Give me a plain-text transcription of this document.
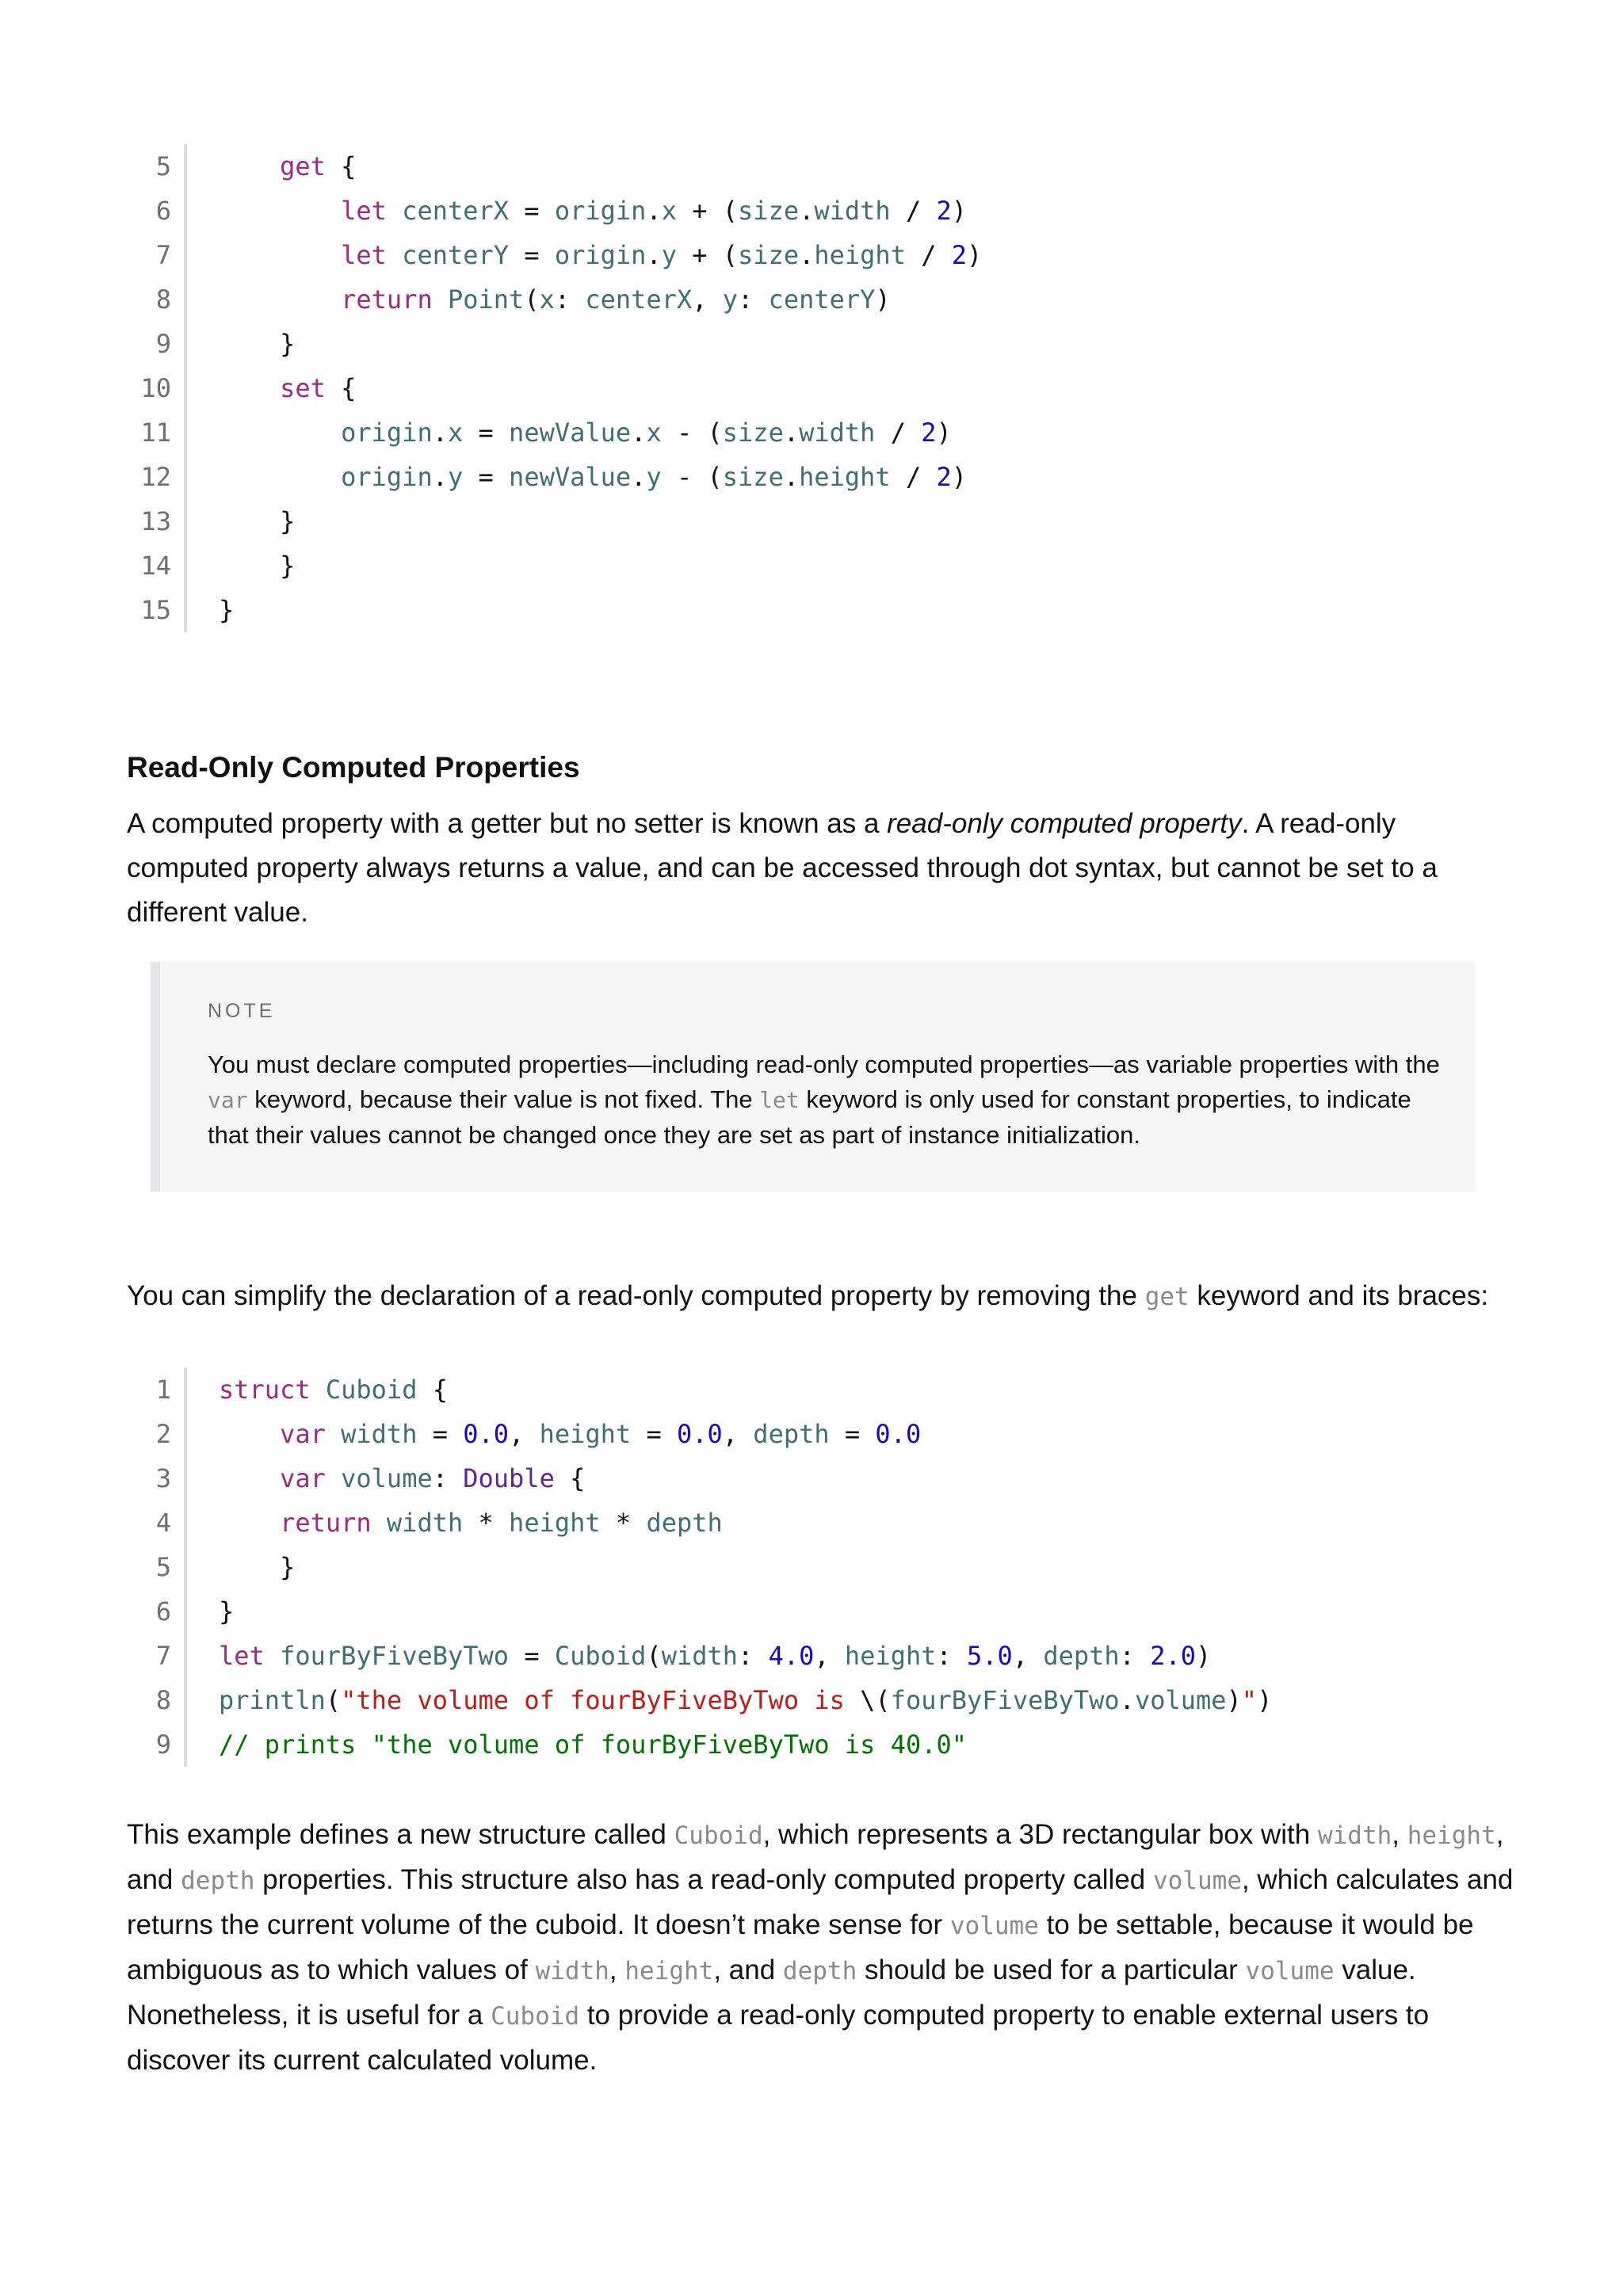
5	get {
6	let centerX = origin.x + (size.width / 2)
7	let centerY = origin.y + (size.height / 2)
8	return Point(x: centerX, y: centerY)
9	}
10	set {
11	origin.x = newValue.x - (size.width / 2)
12	origin.y = newValue.y - (size.height / 2)
13	}
14	}
15	}
Read-Only Computed Properties
A computed property with a getter but no setter is known as a read-only computed property. A read-only computed property always returns a value, and can be accessed through dot syntax, but cannot be set to a different value.
NOTE
You must declare computed properties—including read-only computed properties—as variable properties with the var keyword, because their value is not fixed. The let keyword is only used for constant properties, to indicate that their values cannot be changed once they are set as part of instance initialization.
You can simplify the declaration of a read-only computed property by removing the get keyword and its braces:
1	struct Cuboid {
2	var width = 0.0, height = 0.0, depth = 0.0
3	var volume: Double {
4	return width * height * depth
5	}
6	}
7	let fourByFiveByTwo = Cuboid(width: 4.0, height: 5.0, depth: 2.0)
8	println("the volume of fourByFiveByTwo is \(fourByFiveByTwo.volume)")
9	// prints "the volume of fourByFiveByTwo is 40.0"
This example defines a new structure called Cuboid, which represents a 3D rectangular box with width, height, and depth properties. This structure also has a read-only computed property called volume, which calculates and returns the current volume of the cuboid. It doesn’t make sense for volume to be settable, because it would be ambiguous as to which values of width, height, and depth should be used for a particular volume value. Nonetheless, it is useful for a Cuboid to provide a read-only computed property to enable external users to discover its current calculated volume.
